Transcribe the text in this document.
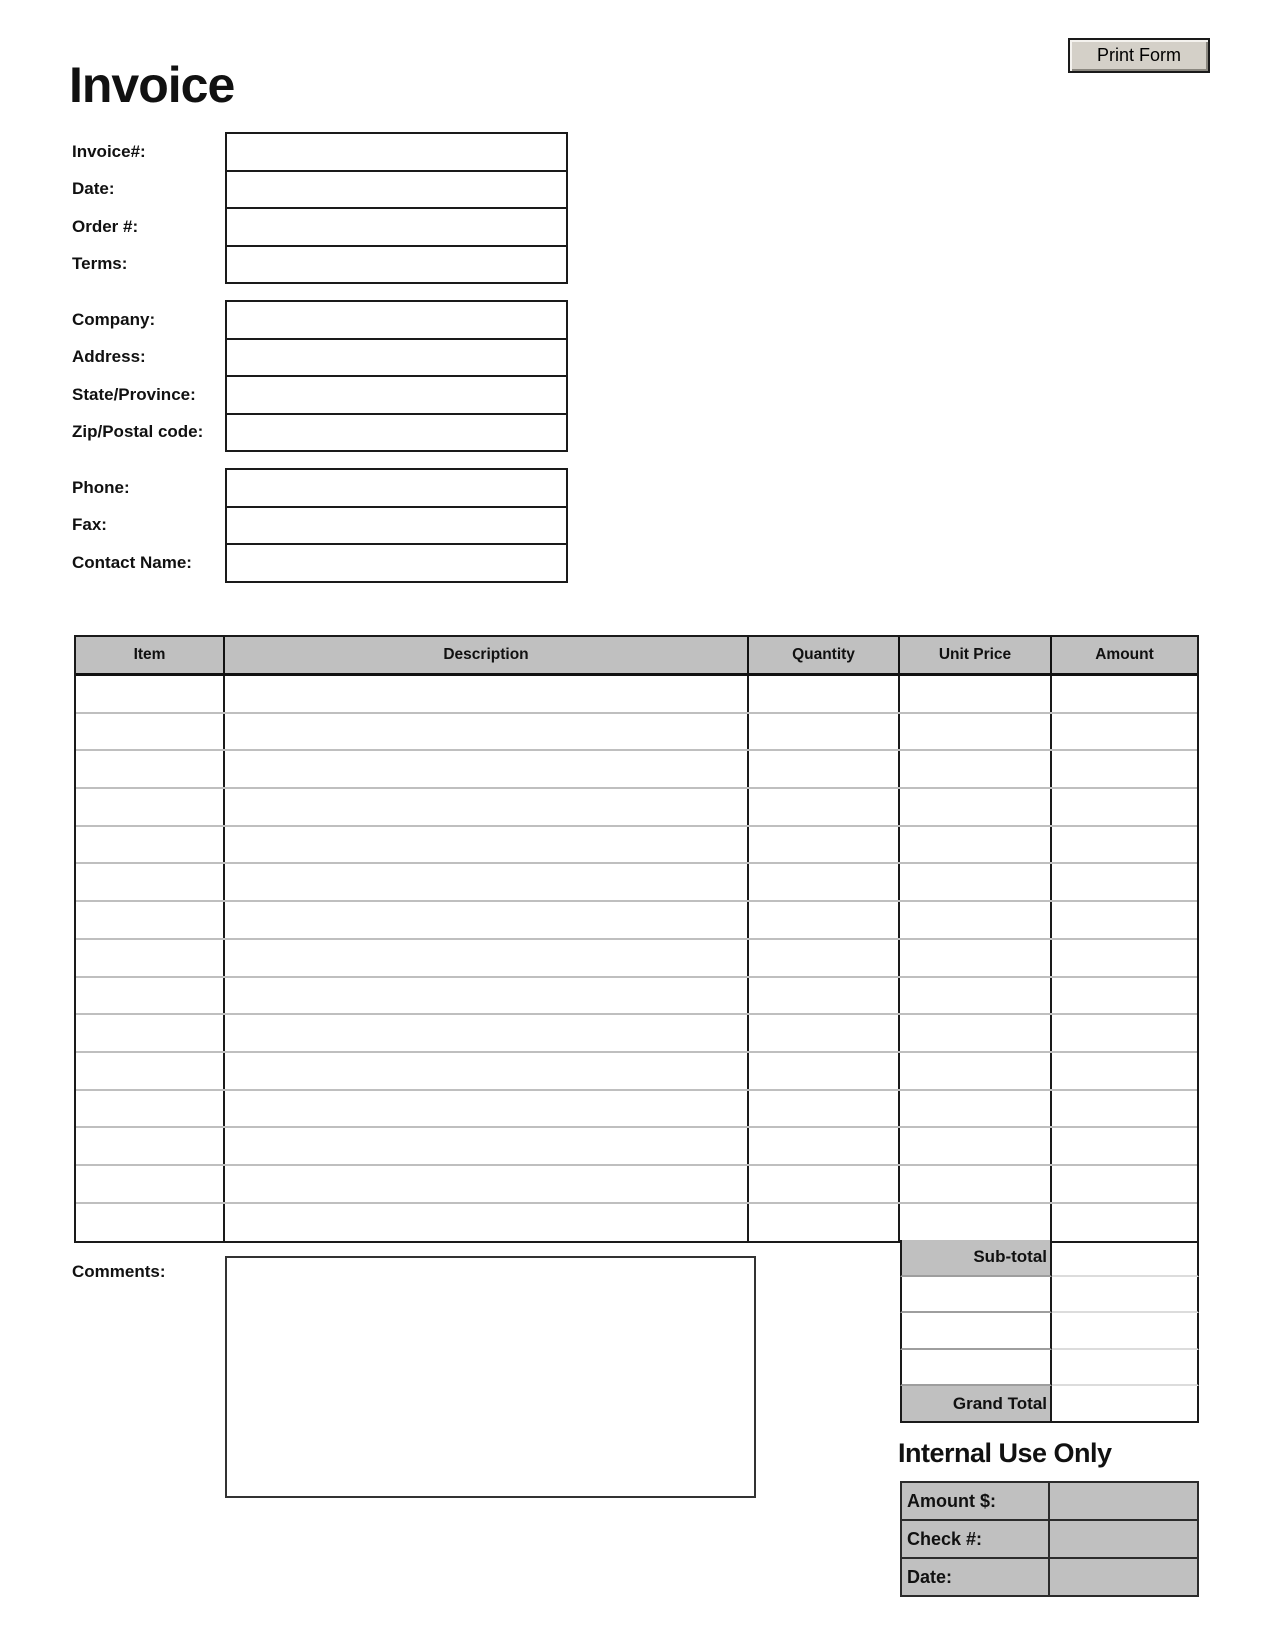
Print Form
Invoice
Invoice#:
Date:
Order #:
Terms:
Company:
Address:
State/Province:
Zip/Postal code:
Phone:
Fax:
Contact Name:
Item	Description	Quantity	Unit Price	Amount
Sub-total
Grand Total
Comments:
Internal Use Only
Amount $:
Check #:
Date:
